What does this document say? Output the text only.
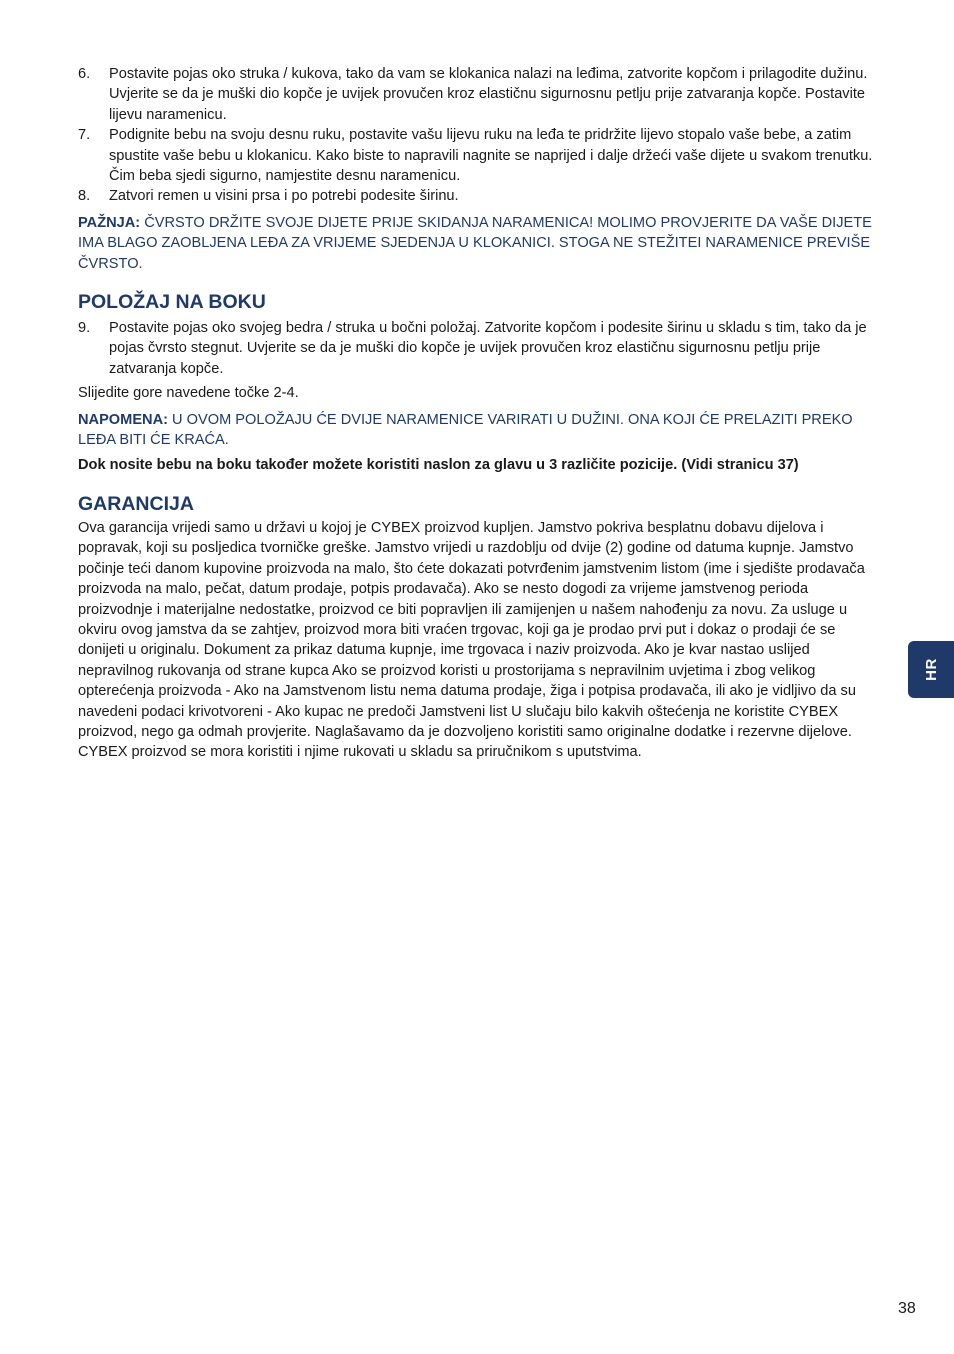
6. Postavite pojas oko struka / kukova, tako da vam se klokanica nalazi na leđima, zatvorite kopčom i prilagodite dužinu. Uvjerite se da je muški dio kopče je uvijek provučen kroz elastičnu sigurnosnu petlju prije zatvaranja kopče. Postavite lijevu naramenicu.
7. Podignite bebu na svoju desnu ruku, postavite vašu lijevu ruku na leđa te pridržite lijevo stopalo vaše bebe, a zatim spustite vaše bebu u klokanicu. Kako biste to napravili nagnite se naprijed i dalje držeći vaše dijete u svakom trenutku. Čim beba sjedi sigurno, namjestite desnu naramenicu.
8. Zatvori remen u visini prsa i po potrebi podesite širinu.
PAŽNJA: ČVRSTO DRŽITE SVOJE DIJETE PRIJE SKIDANJA NARAMENICA! MOLIMO PROVJERITE DA VAŠE DIJETE IMA BLAGO ZAOBLJENA LEĐA ZA VRIJEME SJEDENJA U KLOKANICI. STOGA NE STEŽITEI NARAMENICE PREVIŠE ČVRSTO.
POLOŽAJ NA BOKU
9. Postavite pojas oko svojeg bedra / struka u bočni položaj. Zatvorite kopčom i podesite širinu u skladu s tim, tako da je pojas čvrsto stegnut. Uvjerite se da je muški dio kopče je uvijek provučen kroz elastičnu sigurnosnu petlju prije zatvaranja kopče.
Slijedite gore navedene točke 2-4.
NAPOMENA: U OVOM POLOŽAJU ĆE DVIJE NARAMENICE VARIRATI U DUŽINI. ONA KOJI ĆE PRELAZITI PREKO LEĐA BITI ĆE KRAĆA.
Dok nosite bebu na boku također možete koristiti naslon za glavu u 3 različite pozicije. (Vidi stranicu 37)
GARANCIJA
Ova garancija vrijedi samo u državi u kojoj je CYBEX proizvod kupljen. Jamstvo pokriva besplatnu dobavu dijelova i popravak, koji su posljedica tvorničke greške. Jamstvo vrijedi u razdoblju od dvije (2) godine od datuma kupnje. Jamstvo počinje teći danom kupovine proizvoda na malo, što ćete dokazati potvrđenim jamstvenim listom (ime i sjedište prodavača proizvoda na malo, pečat, datum prodaje, potpis prodavača). Ako se nesto dogodi za vrijeme jamstvenog perioda proizvodnje i materijalne nedostatke, proizvod ce biti popravljen ili zamijenjen u našem nahođenju za novu. Za usluge u okviru ovog jamstva da se zahtjev, proizvod mora biti vraćen trgovac, koji ga je prodao prvi put i dokaz o prodaji će se donijeti u originalu. Dokument za prikaz datuma kupnje, ime trgovaca i naziv proizvoda. Ako je kvar nastao uslijed nepravilnog rukovanja od strane kupca Ako se proizvod koristi u prostorijama s nepravilnim uvjetima i zbog velikog opterećenja proizvoda - Ako na Jamstvenom listu nema datuma prodaje, žiga i potpisa prodavača, ili ako je vidljivo da su navedeni podaci krivotvoreni - Ako kupac ne predoči Jamstveni list U slučaju bilo kakvih oštećenja ne koristite CYBEX proizvod, nego ga odmah provjerite. Naglašavamo da je dozvoljeno koristiti samo originalne dodatke i rezervne dijelove. CYBEX proizvod se mora koristiti i njime rukovati u skladu sa priručnikom s uputstvima.
HR
38
